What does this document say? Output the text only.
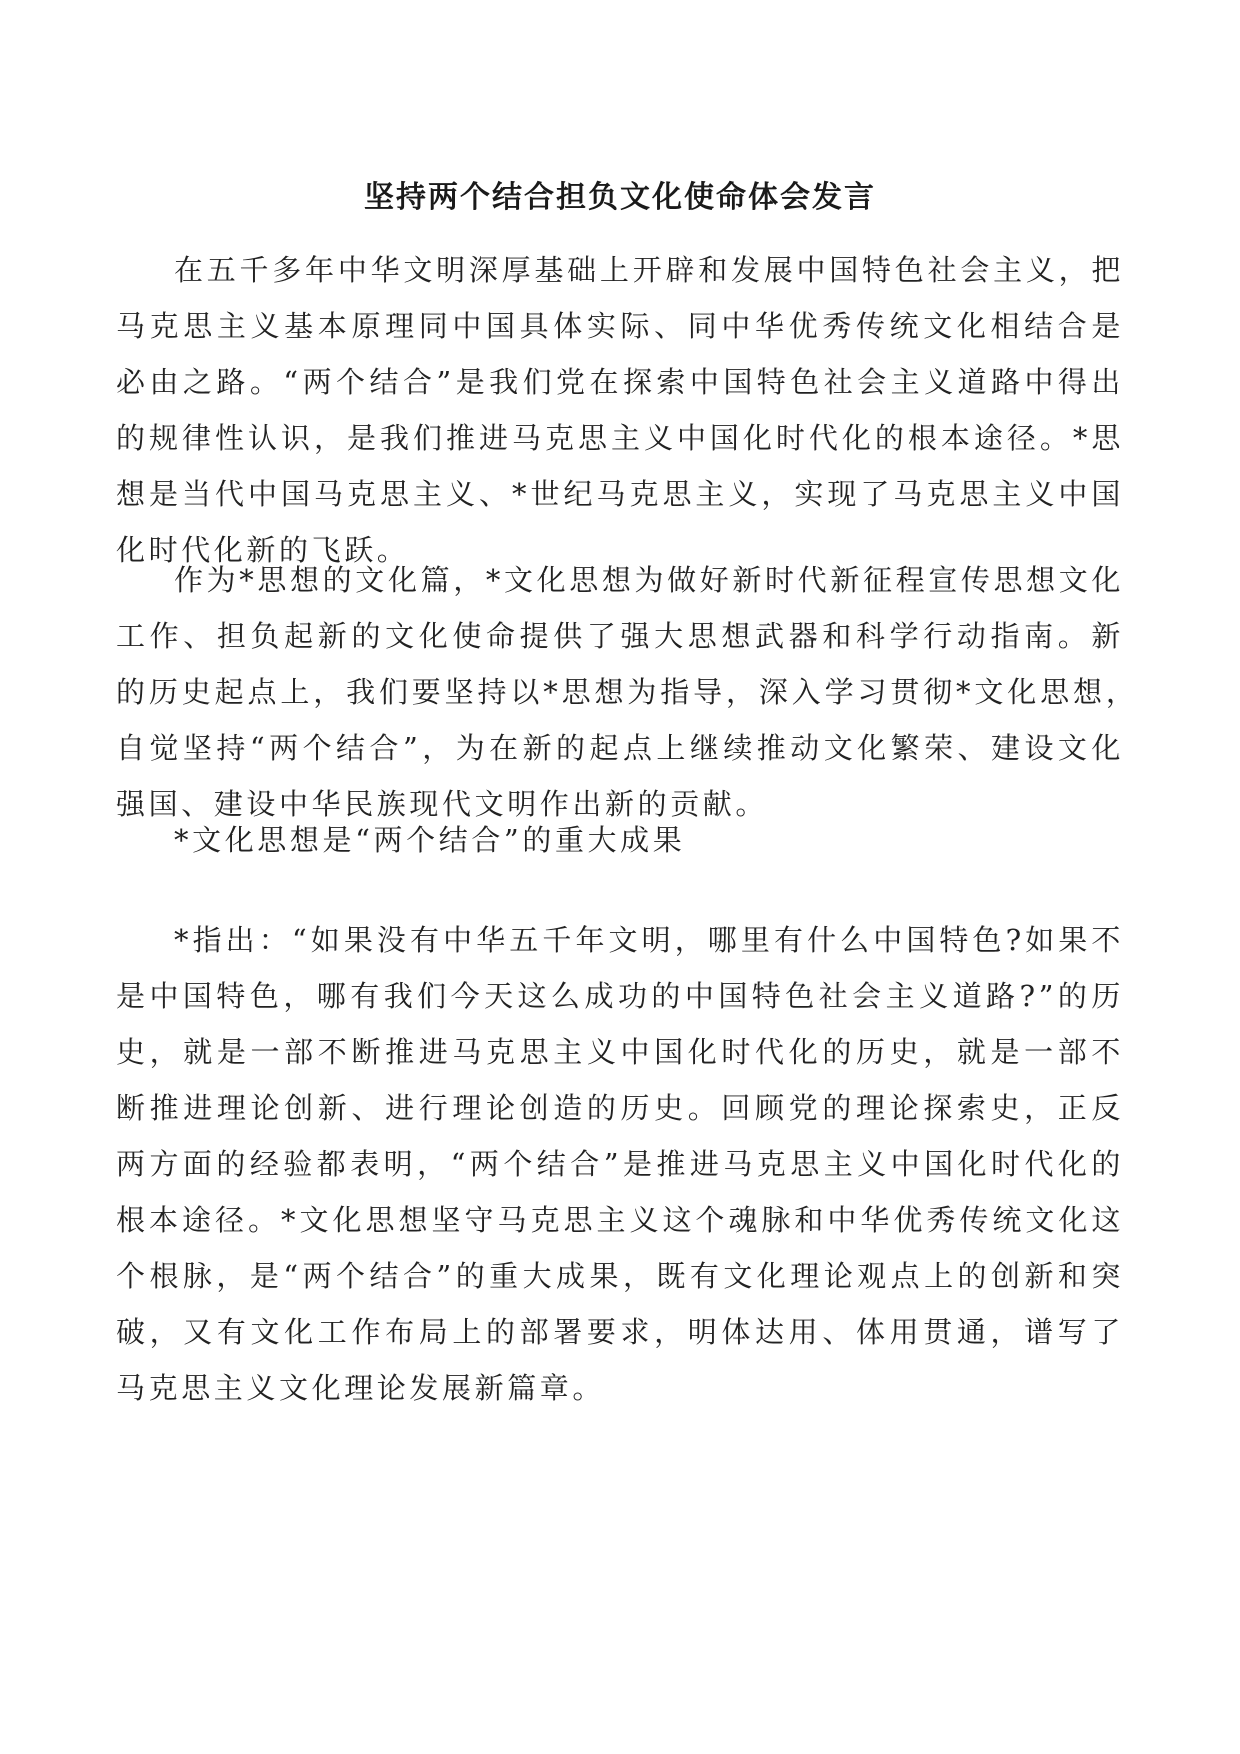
坚持两个结合担负文化使命体会发言

在五千多年中华文明深厚基础上开辟和发展中国特色社会主义，把马克思主义基本原理同中国具体实际、同中华优秀传统文化相结合是必由之路。“两个结合”是我们党在探索中国特色社会主义道路中得出的规律性认识，是我们推进马克思主义中国化时代化的根本途径。*思想是当代中国马克思主义、*世纪马克思主义，实现了马克思主义中国化时代化新的飞跃。

作为*思想的文化篇，*文化思想为做好新时代新征程宣传思想文化工作、担负起新的文化使命提供了强大思想武器和科学行动指南。新的历史起点上，我们要坚持以*思想为指导，深入学习贯彻*文化思想，　自觉坚持“两个结合”，为在新的起点上继续推动文化繁荣、建设文化强国、建设中华民族现代文明作出新的贡献。

*文化思想是“两个结合”的重大成果

*指出：“如果没有中华五千年文明，哪里有什么中国特色?如果不是中国特色，哪有我们今天这么成功的中国特色社会主义道路?”的历史，就是一部不断推进马克思主义中国化时代化的历史，就是一部不断推进理论创新、进行理论创造的历史。回顾党的理论探索史，正反两方面的经验都表明，“两个结合”是推进马克思主义中国化时代化的根本途径。*文化思想坚守马克思主义这个魂脉和中华优秀传统文化这个根脉，是“两个结合”的重大成果，既有文化理论观点上的创新和突破，又有文化工作布局上的部署要求，明体达用、体用贯通，谱写了马克思主义文化理论发展新篇章。
